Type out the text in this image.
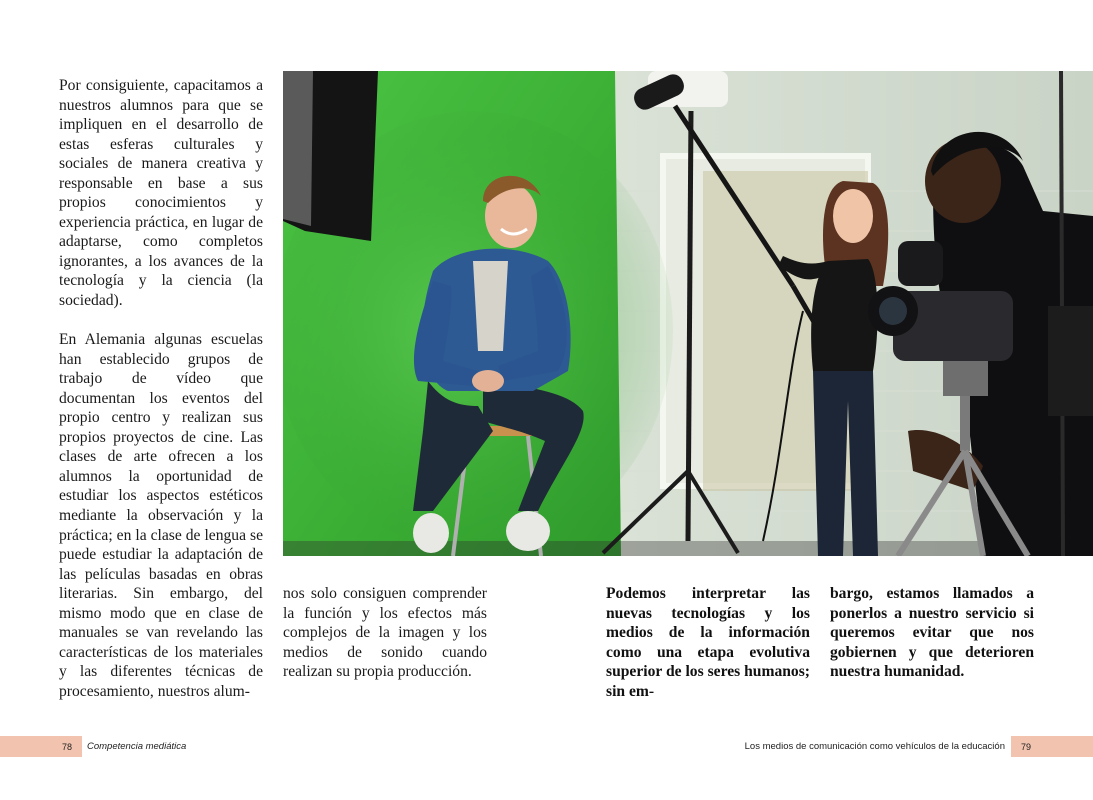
Por consiguiente, capacitamos a nuestros alumnos para que se impliquen en el desarrollo de estas esferas culturales y sociales de manera creativa y responsable en base a sus propios conocimientos y experiencia práctica, en lugar de adaptarse, como completos ignorantes, a los avances de la tecnología y la ciencia (la sociedad).

En Alemania algunas escuelas han establecido grupos de trabajo de vídeo que documentan los eventos del propio centro y realizan sus propios proyectos de cine. Las clases de arte ofrecen a los alumnos la oportunidad de estudiar los aspectos estéticos mediante la observación y la práctica; en la clase de lengua se puede estudiar la adaptación de las películas basadas en obras literarias. Sin embargo, del mismo modo que en clase de manuales se van revelando las características de los materiales y las diferentes técnicas de procesamiento, nuestros alum-

nos solo consiguen comprender la función y los efectos más complejos de la imagen y los medios de sonido cuando realizan su propia producción.

Podemos interpretar las nuevas tecnologías y los medios de la información como una etapa evolutiva superior de los seres humanos; sin em-
bargo, estamos llamados a ponerlos a nuestro servicio si queremos evitar que nos gobiernen y que deterioren nuestra humanidad.
78	Competencia mediática	Los medios de comunicación como vehículos de la educación	79
